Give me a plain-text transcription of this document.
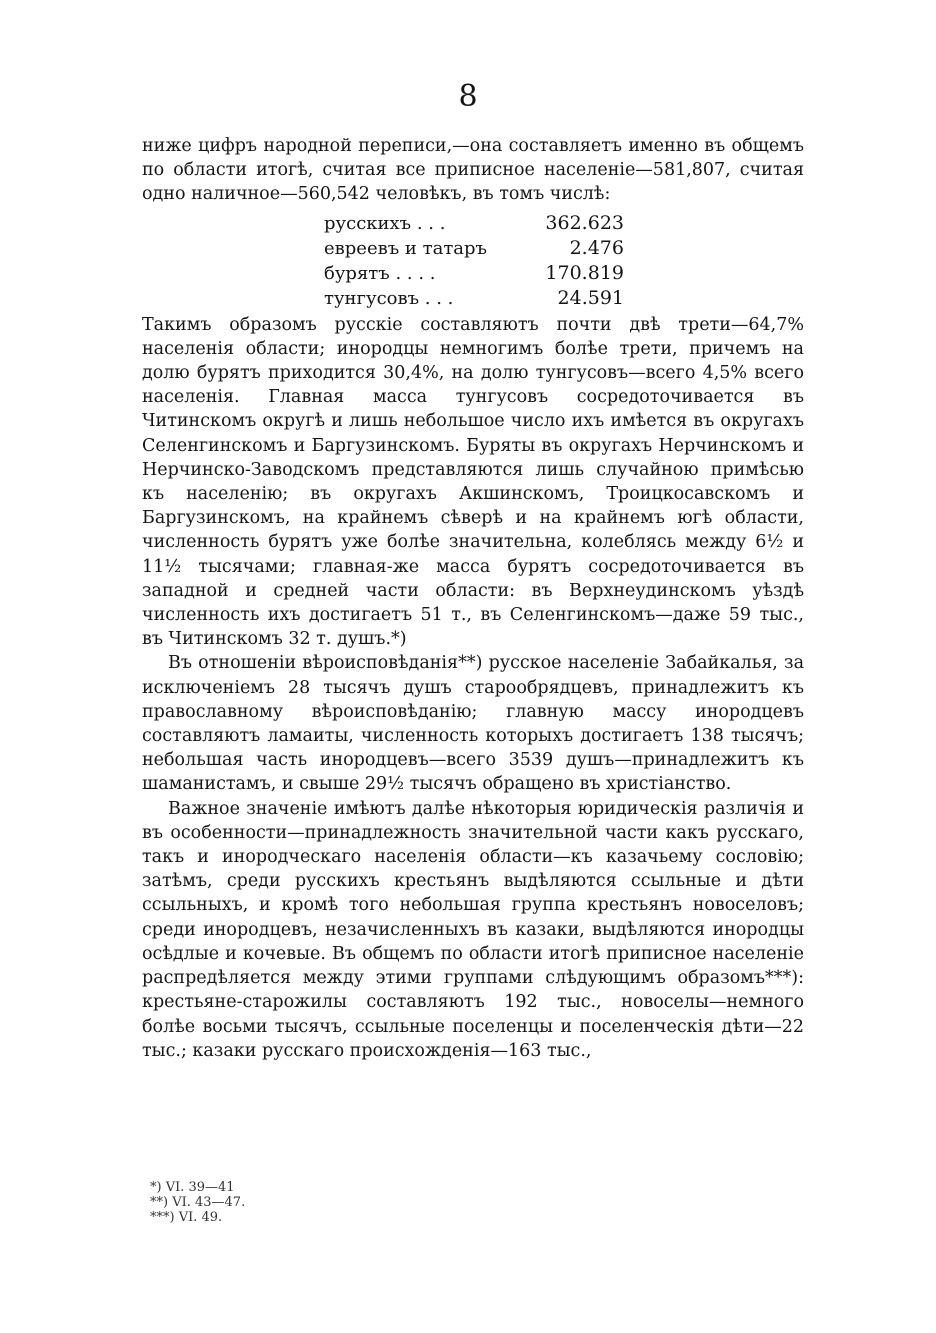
8

ниже цифръ народной переписи,—она составляетъ именно въ общемъ по области итогѣ, считая все приписное населеніе—581,807, считая одно наличное—560,542 человѣкъ, въ томъ числѣ:

русскихъ . . .	362.623
евреевъ и татаръ	2.476
бурятъ . . . .	170.819
тунгусовъ . . .	24.591

Такимъ образомъ русскіе составляютъ почти двѣ трети—64,7% населенія области; инородцы немногимъ болѣе трети, причемъ на долю бурятъ приходится 30,4%, на долю тунгусовъ—всего 4,5% всего населенія. Главная масса тунгусовъ сосредоточивается въ Читинскомъ округѣ и лишь небольшое число ихъ имѣется въ округахъ Селенгинскомъ и Баргузинскомъ. Буряты въ округахъ Нерчинскомъ и Нерчинско-Заводскомъ представляются лишь случайною примѣсью къ населенію; въ округахъ Акшинскомъ, Троицкосавскомъ и Баргузинскомъ, на крайнемъ сѣверѣ и на крайнемъ югѣ области, численность бурятъ уже болѣе значительна, колеблясь между 6½ и 11½ тысячами; главная-же масса бурятъ сосредоточивается въ западной и средней части области: въ Верхнеудинскомъ уѣздѣ численность ихъ достигаетъ 51 т., въ Селенгинскомъ—даже 59 тыс., въ Читинскомъ 32 т. душъ.*)

Въ отношеніи вѣроисповѣданія**) русское населеніе Забайкалья, за исключеніемъ 28 тысячъ душъ старообрядцевъ, принадлежитъ къ православному вѣроисповѣданію; главную массу инородцевъ составляютъ ламаиты, численность которыхъ достигаетъ 138 тысячъ; небольшая часть инородцевъ—всего 3539 душъ—принадлежитъ къ шаманистамъ, и свыше 29½ тысячъ обращено въ христіанство.

Важное значеніе имѣютъ далѣе нѣкоторыя юридическія различія и въ особенности—принадлежность значительной части какъ русскаго, такъ и инородческаго населенія области—къ казачьему сословію; затѣмъ, среди русскихъ крестьянъ выдѣляются ссыльные и дѣти ссыльныхъ, и кромѣ того небольшая группа крестьянъ новоселовъ; среди инородцевъ, незачисленныхъ въ казаки, выдѣляются инородцы осѣдлые и кочевые. Въ общемъ по области итогѣ приписное населеніе распредѣляется между этими группами слѣдующимъ образомъ***): крестьяне-старожилы составляютъ 192 тыс., новоселы—немного болѣе восьми тысячъ, ссыльные поселенцы и поселенческія дѣти—22 тыс.; казаки русскаго происхожденія—163 тыс.,

*) VI. 39—41
**) VI. 43—47.
***) VI. 49.
